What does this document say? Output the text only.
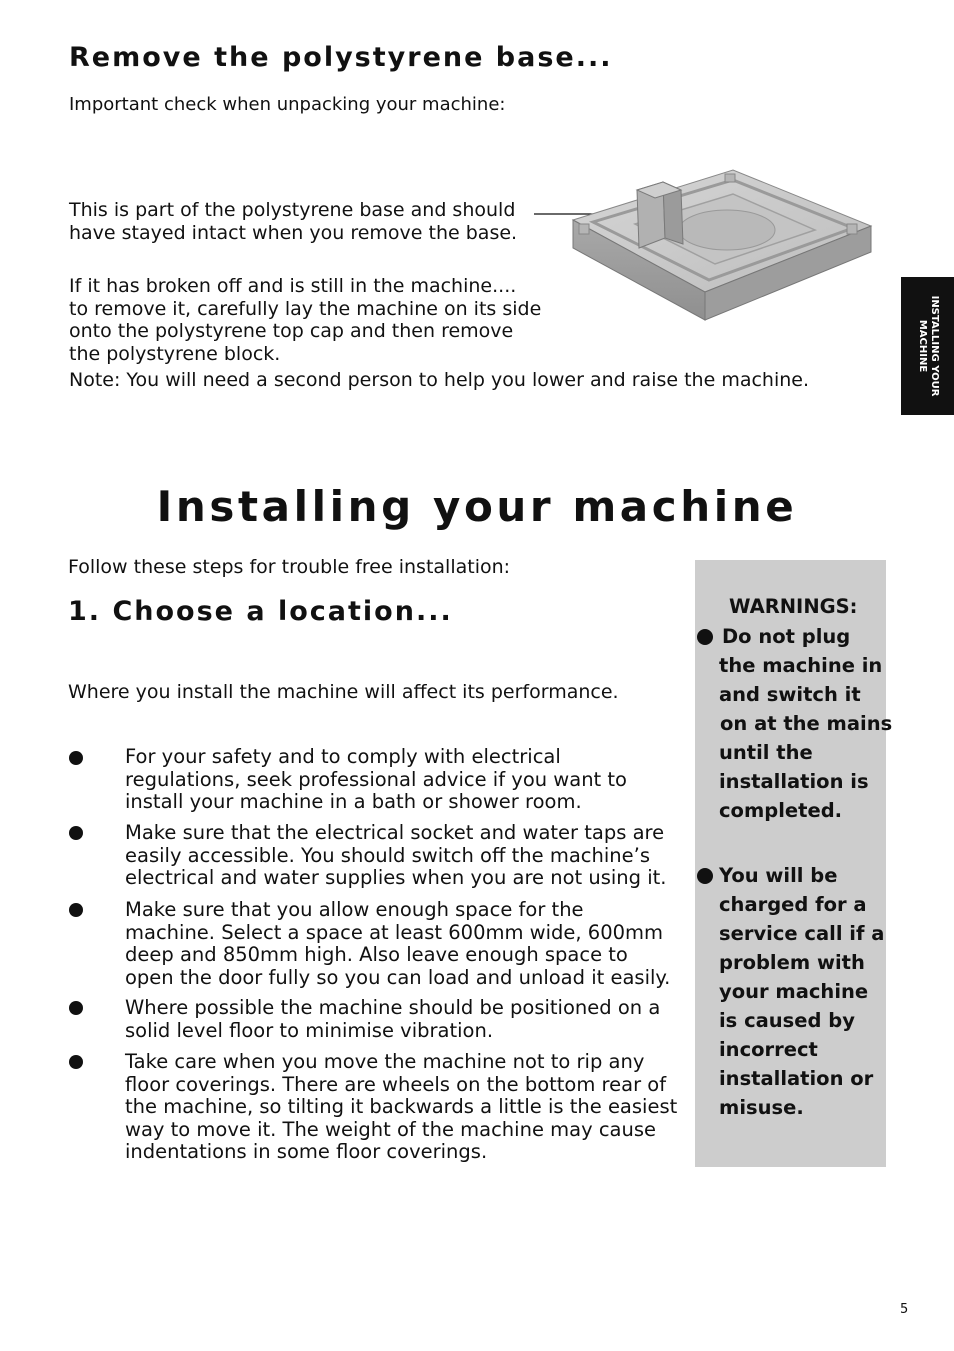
Remove the polystyrene base...
Important check when unpacking your machine:
This is part of the polystyrene base and should
have stayed intact when you remove the base.
If it has broken off and is still in the machine....
to remove it, carefully lay the machine on its side
onto the polystyrene top cap and then remove
the polystyrene block.
Note: You will need a second person to help you lower and raise the machine.	INSTALLING YOUR
MACHINE
Installing your machine
Follow these steps for trouble free installation:
1. Choose a location...
Where you install the machine will affect its performance.
For your safety and to comply with electrical
regulations, seek professional advice if you want to
install your machine in a bath or shower room.
Make sure that the electrical socket and water taps are
easily accessible. You should switch off the machine’s
electrical and water supplies when you are not using it.
Make sure that you allow enough space for the
machine. Select a space at least 600mm wide, 600mm
deep and 850mm high. Also leave enough space to
open the door fully so you can load and unload it easily.
Where possible the machine should be positioned on a
solid level floor to minimise vibration.
Take care when you move the machine not to rip any
floor coverings. There are wheels on the bottom rear of
the machine, so tilting it backwards a little is the easiest
way to move it. The weight of the machine may cause
indentations in some floor coverings.
WARNINGS:
Do not plug
the machine in
and switch it
on at the mains
until the
installation is
completed.
You will be
charged for a
service call if a
problem with
your machine
is caused by
incorrect
installation or
misuse.
5
